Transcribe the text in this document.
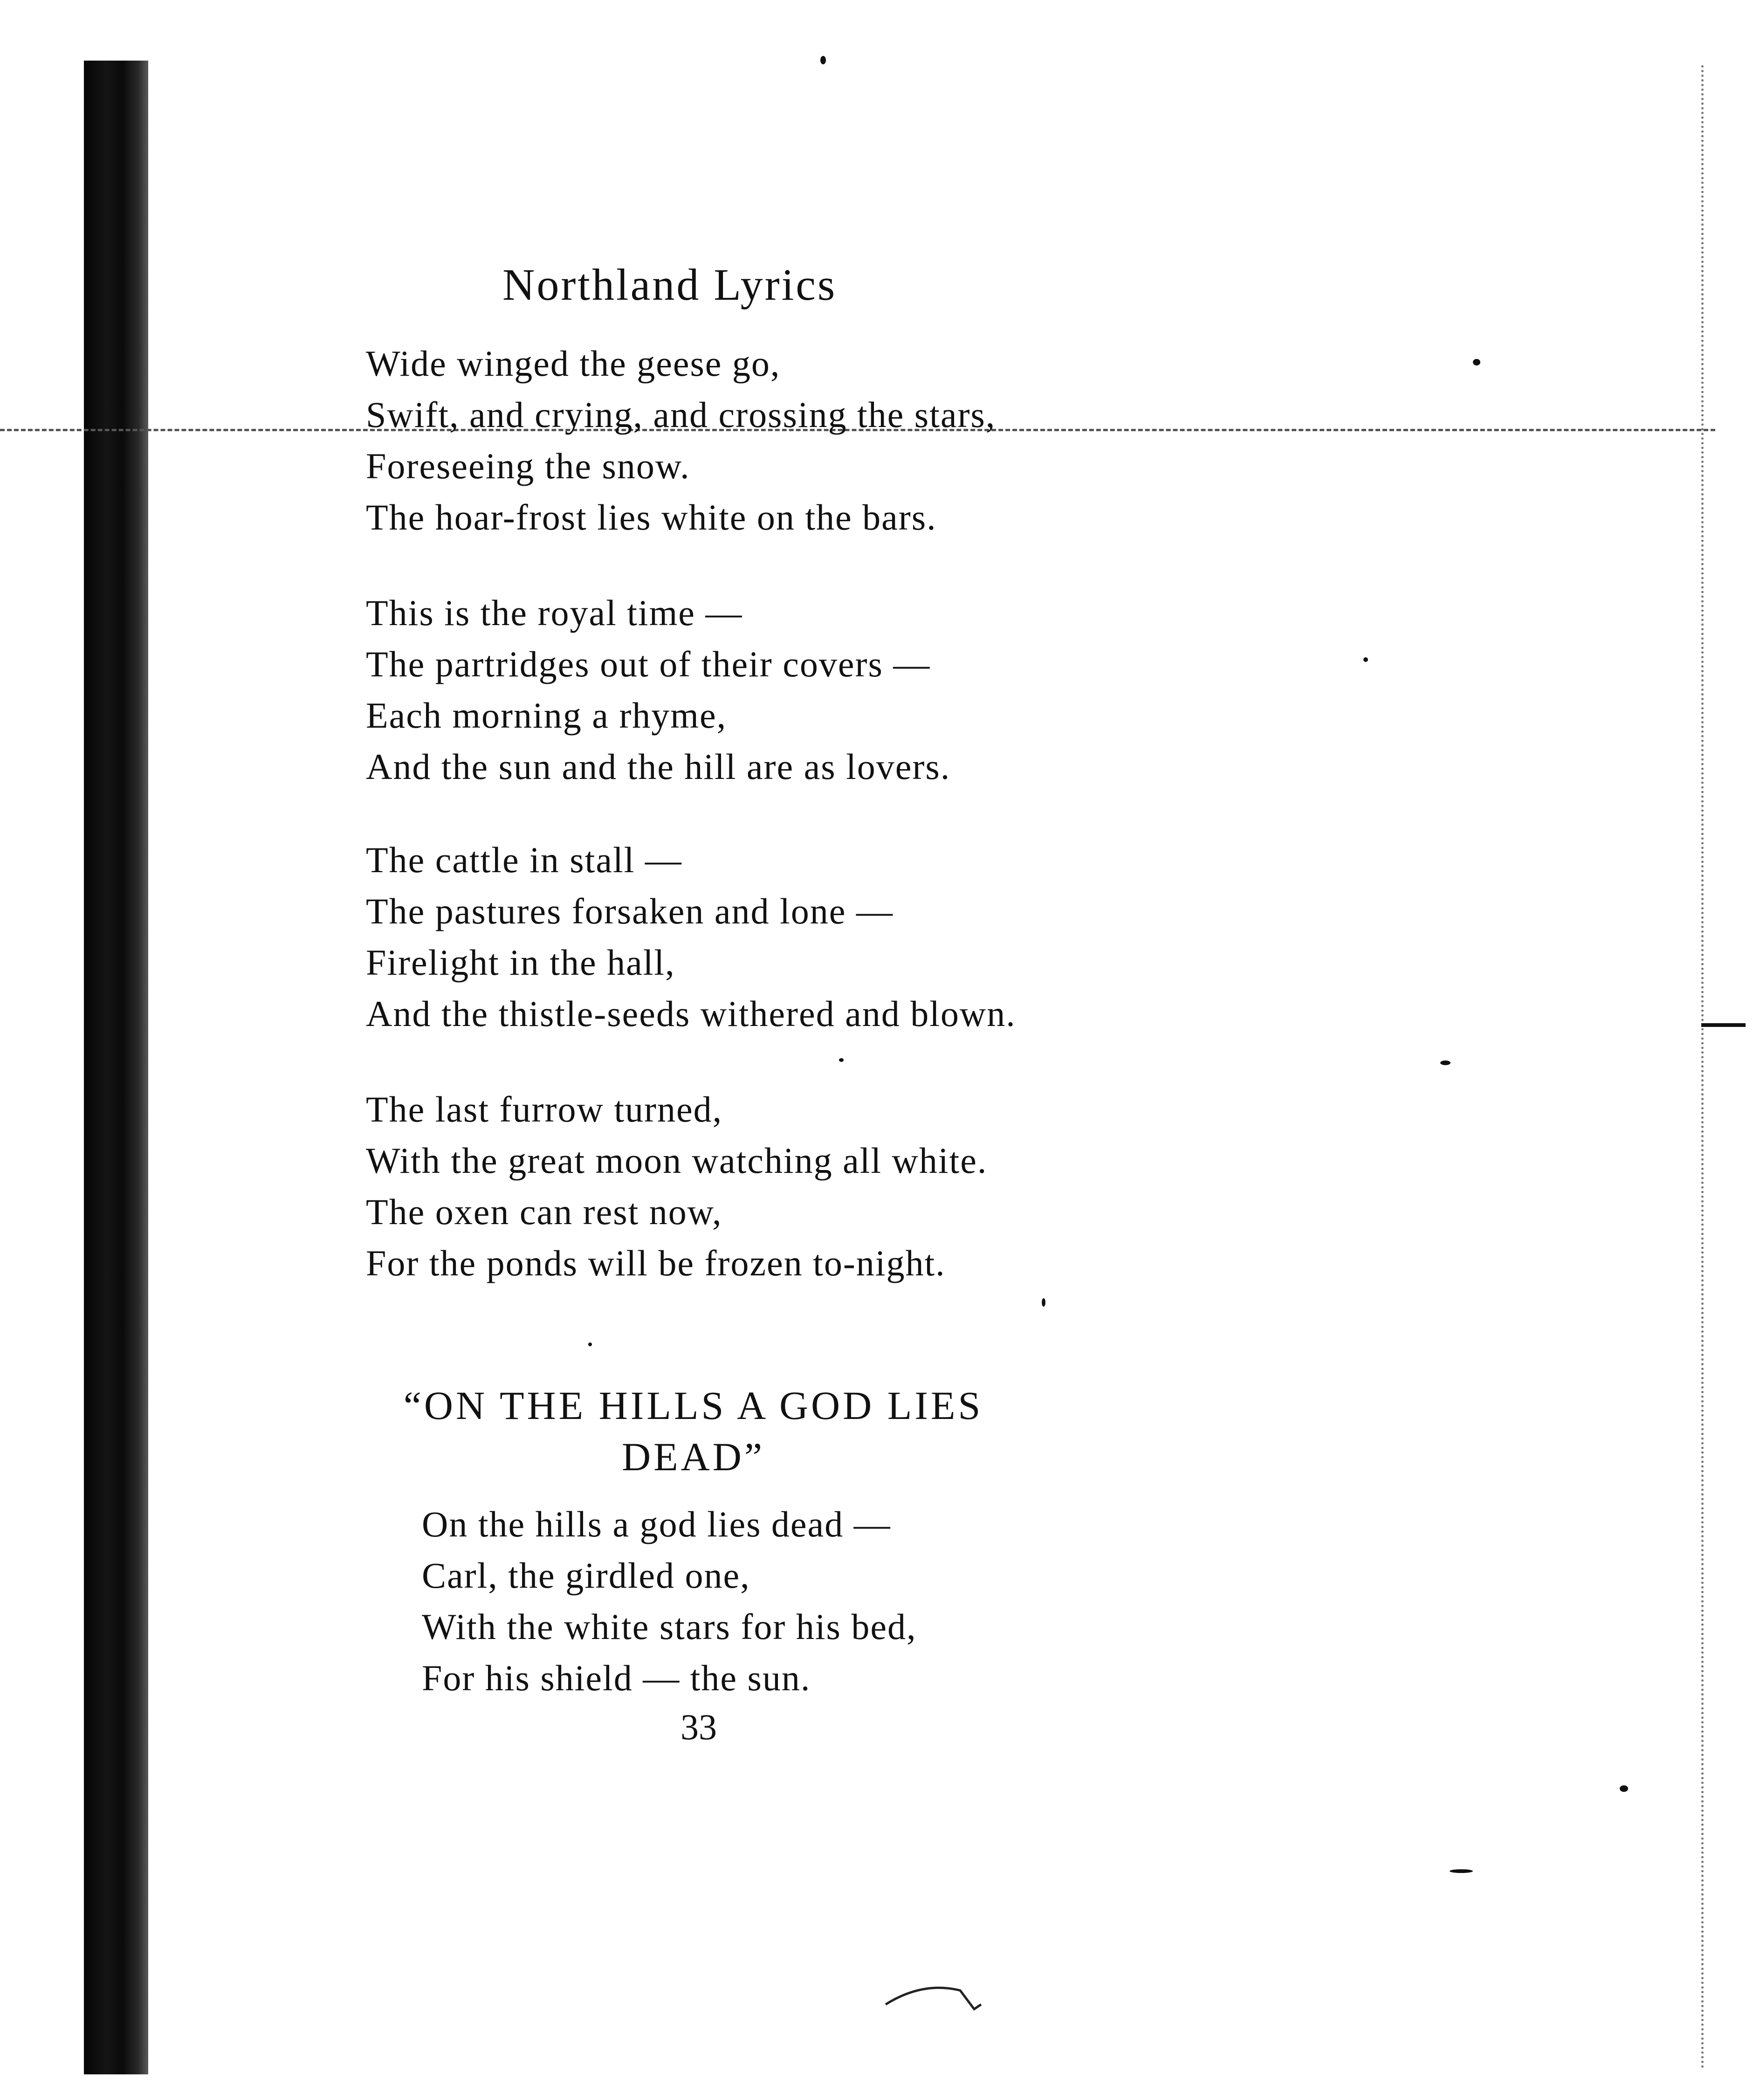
Northland Lyrics
Wide winged the geese go,
Swift, and crying, and crossing the stars,
Foreseeing the snow.
The hoar-frost lies white on the bars.
This is the royal time —
The partridges out of their covers —
Each morning a rhyme,
And the sun and the hill are as lovers.
The cattle in stall —
The pastures forsaken and lone —
Firelight in the hall,
And the thistle-seeds withered and blown.
The last furrow turned,
With the great moon watching all white.
The oxen can rest now,
For the ponds will be frozen to-night.
“ON THE HILLS A GOD LIES
DEAD”
On the hills a god lies dead —
Carl, the girdled one,
With the white stars for his bed,
For his shield — the sun.
33
